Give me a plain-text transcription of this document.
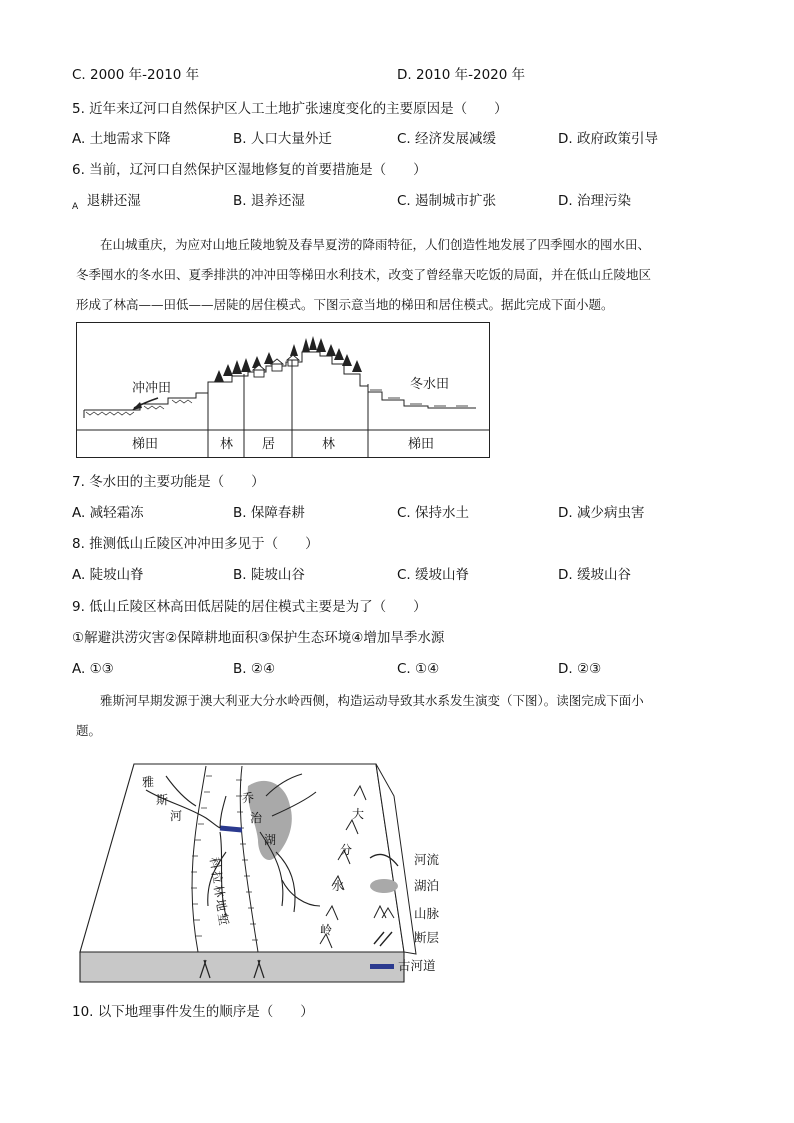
C. 2000 年-2010 年	D. 2010 年-2020 年
5. 近年来辽河口自然保护区人工土地扩张速度变化的主要原因是（　　）
A. 土地需求下降	B. 人口大量外迁	C. 经济发展减缓	D. 政府政策引导
6. 当前，辽河口自然保护区湿地修复的首要措施是（　　）
$_A$ 退耕还湿	B. 退养还湿	C. 遏制城市扩张	D. 治理污染
在山城重庆，为应对山地丘陵地貌及春旱夏涝的降雨特征，人们创造性地发展了四季囤水的囤水田、
冬季囤水的冬水田、夏季排洪的冲冲田等梯田水利技术，改变了曾经靠天吃饭的局面，并在低山丘陵地区
形成了林高——田低——居陡的居住模式。下图示意当地的梯田和居住模式。据此完成下面小题。
冲冲田	冬水田
梯田	林 居	林	梯田
7. 冬水田的主要功能是（　　）
A. 减轻霜冻	B. 保障春耕	C. 保持水土	D. 减少病虫害
8. 推测低山丘陵区冲冲田多见于（　　）
A. 陡坡山脊	B. 陡坡山谷	C. 缓坡山脊	D. 缓坡山谷
9. 低山丘陵区林高田低居陡的居住模式主要是为了（　　）
①解避洪涝灾害②保障耕地面积③保护生态环境④增加旱季水源
A. ①③	B. ②④	C. ①④	D. ②③
雅斯河早期发源于澳大利亚大分水岭西侧，构造运动导致其水系发生演变（下图）。读图完成下面小
题。
雅
斯
河
乔
治
湖
科
拉
林
地
堑
大
分
水
岭
河流
湖泊
山脉
断层
古河道
10. 以下地理事件发生的顺序是（　　）
